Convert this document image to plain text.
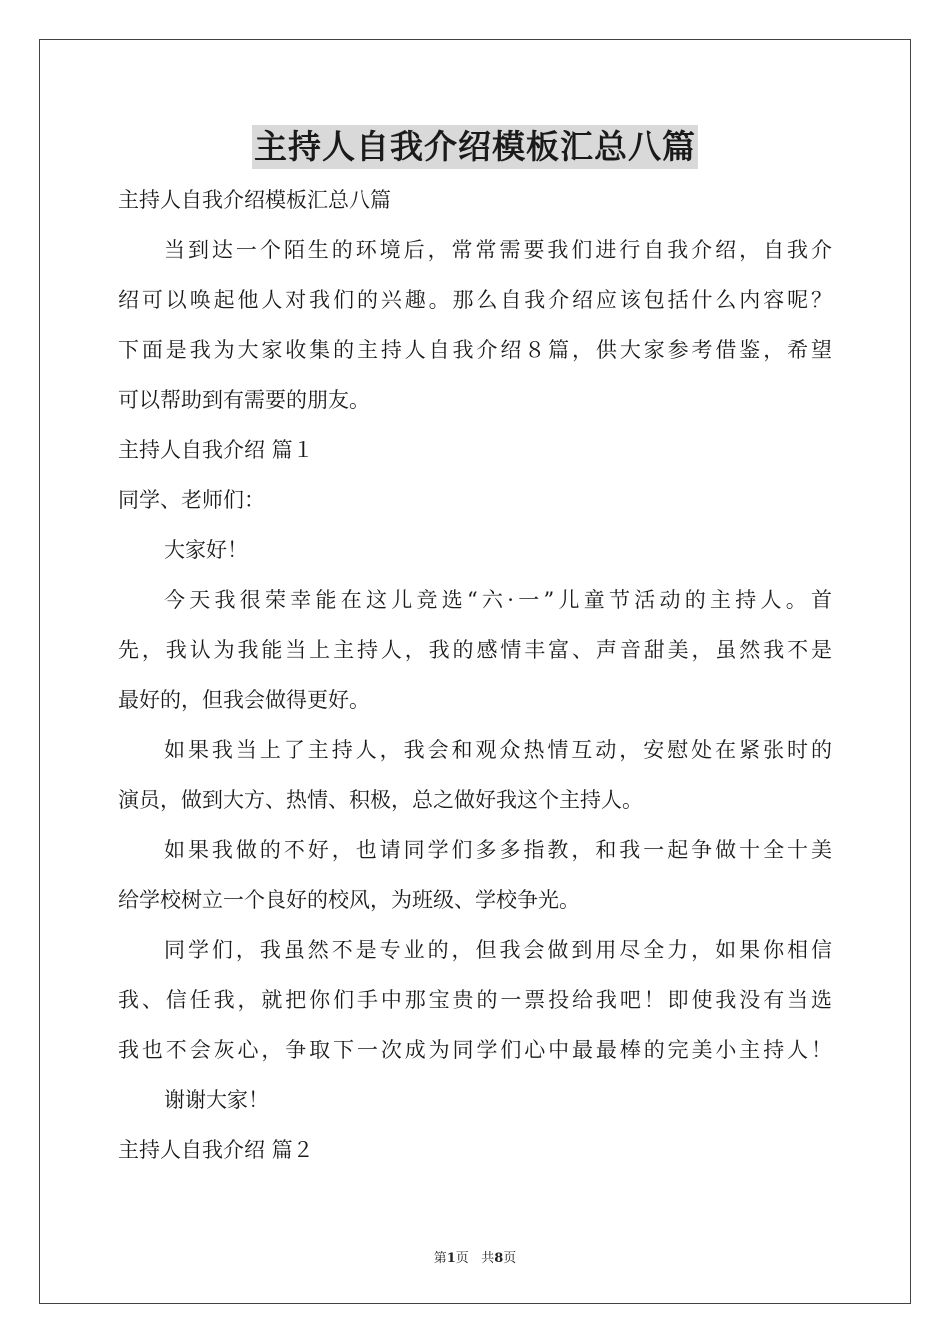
主持人自我介绍模板汇总八篇
主持人自我介绍模板汇总八篇
当到达一个陌生的环境后，常常需要我们进行自我介绍，自我介
绍可以唤起他人对我们的兴趣。那么自我介绍应该包括什么内容呢？
下面是我为大家收集的主持人自我介绍８篇，供大家参考借鉴，希望
可以帮助到有需要的朋友。
主持人自我介绍 篇１
同学、老师们：
大家好！
今天我很荣幸能在这儿竞选“六·一”儿童节活动的主持人。首
先，我认为我能当上主持人，我的感情丰富、声音甜美，虽然我不是
最好的，但我会做得更好。
如果我当上了主持人，我会和观众热情互动，安慰处在紧张时的
演员，做到大方、热情、积极，总之做好我这个主持人。
如果我做的不好，也请同学们多多指教，和我一起争做十全十美
给学校树立一个良好的校风，为班级、学校争光。
同学们，我虽然不是专业的，但我会做到用尽全力，如果你相信
我、信任我，就把你们手中那宝贵的一票投给我吧！即使我没有当选
我也不会灰心，争取下一次成为同学们心中最最棒的完美小主持人！
谢谢大家！
主持人自我介绍 篇２
第1页 共8页
